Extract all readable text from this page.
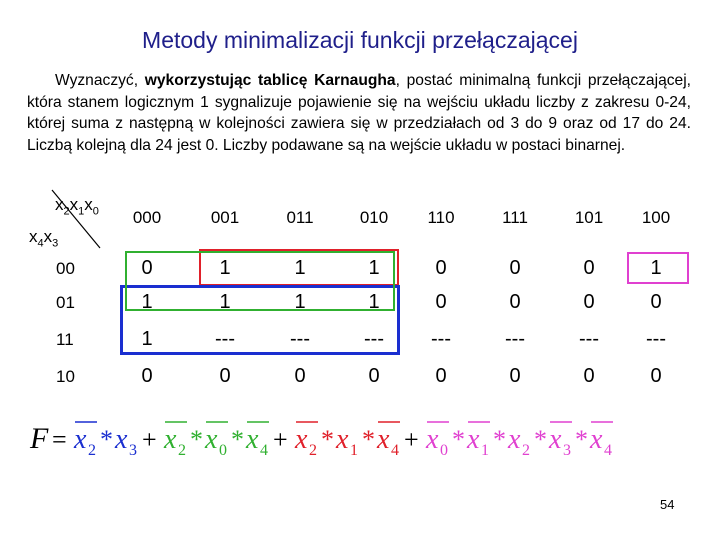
Metody minimalizacji funkcji przełączającej

Wyznaczyć, wykorzystując tablicę Karnaugha, postać minimalną funkcji przełączającej, która stanem logicznym 1 sygnalizuje pojawienie się na wejściu układu liczby z zakresu 0-24, której suma z następną w kolejności zawiera się w przedziałach od 3 do 9 oraz od 17 do 24. Liczbą kolejną dla 24 jest 0. Liczby podawane są na wejście układu w postaci binarnej.

$x_2x_1x_0$
$x_4x_3$
000	001	011	010	110	111	101	100
00	0	1	1	1	0	0	0	1
01	1	1	1	1	0	0	0	0
11	1	---	---	---	---	---	---	---
10	0	0	0	0	0	0	0	0
F = x 2 * x 3 + x 2 * x 0 * x 4 + x 2 * x 1 * x 4 + x 0 * x 1 * x 2 * x 3 * x 4
54
